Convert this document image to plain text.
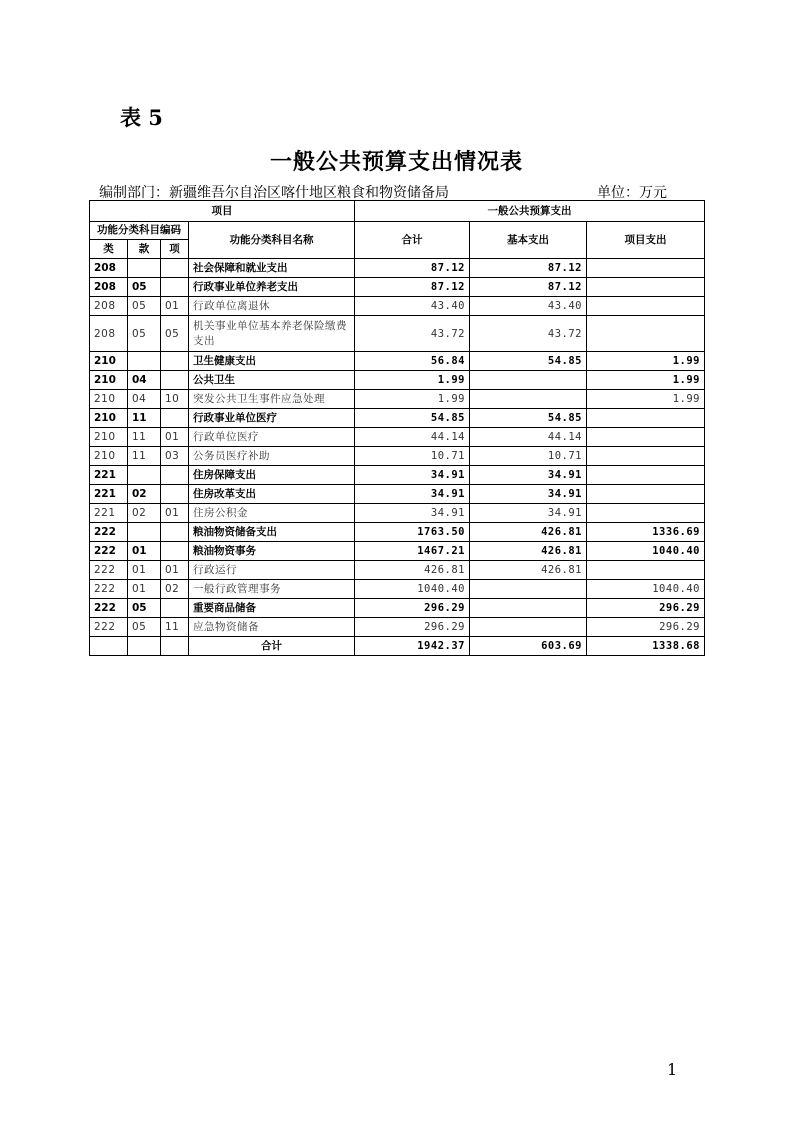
表 5
一般公共预算支出情况表
编制部门：新疆维吾尔自治区喀什地区粮食和物资储备局	单位：万元
项目				一般公共预算支出		
功能分类科目编码			功能分类科目名称	合计	基本支出	项目支出
类	款	项				
208			社会保障和就业支出	87.12	87.12	
208	05		行政事业单位养老支出	87.12	87.12	
208	05	01	行政单位离退休	43.40	43.40	
208	05	05	机关事业单位基本养老保险缴费支出	43.72	43.72	
210			卫生健康支出	56.84	54.85	1.99
210	04		公共卫生	1.99		1.99
210	04	10	突发公共卫生事件应急处理	1.99		1.99
210	11		行政事业单位医疗	54.85	54.85	
210	11	01	行政单位医疗	44.14	44.14	
210	11	03	公务员医疗补助	10.71	10.71	
221			住房保障支出	34.91	34.91	
221	02		住房改革支出	34.91	34.91	
221	02	01	住房公积金	34.91	34.91	
222			粮油物资储备支出	1763.50	426.81	1336.69
222	01		粮油物资事务	1467.21	426.81	1040.40
222	01	01	行政运行	426.81	426.81	
222	01	02	一般行政管理事务	1040.40		1040.40
222	05		重要商品储备	296.29		296.29
222	05	11	应急物资储备	296.29		296.29
			合计	1942.37	603.69	1338.68
1
